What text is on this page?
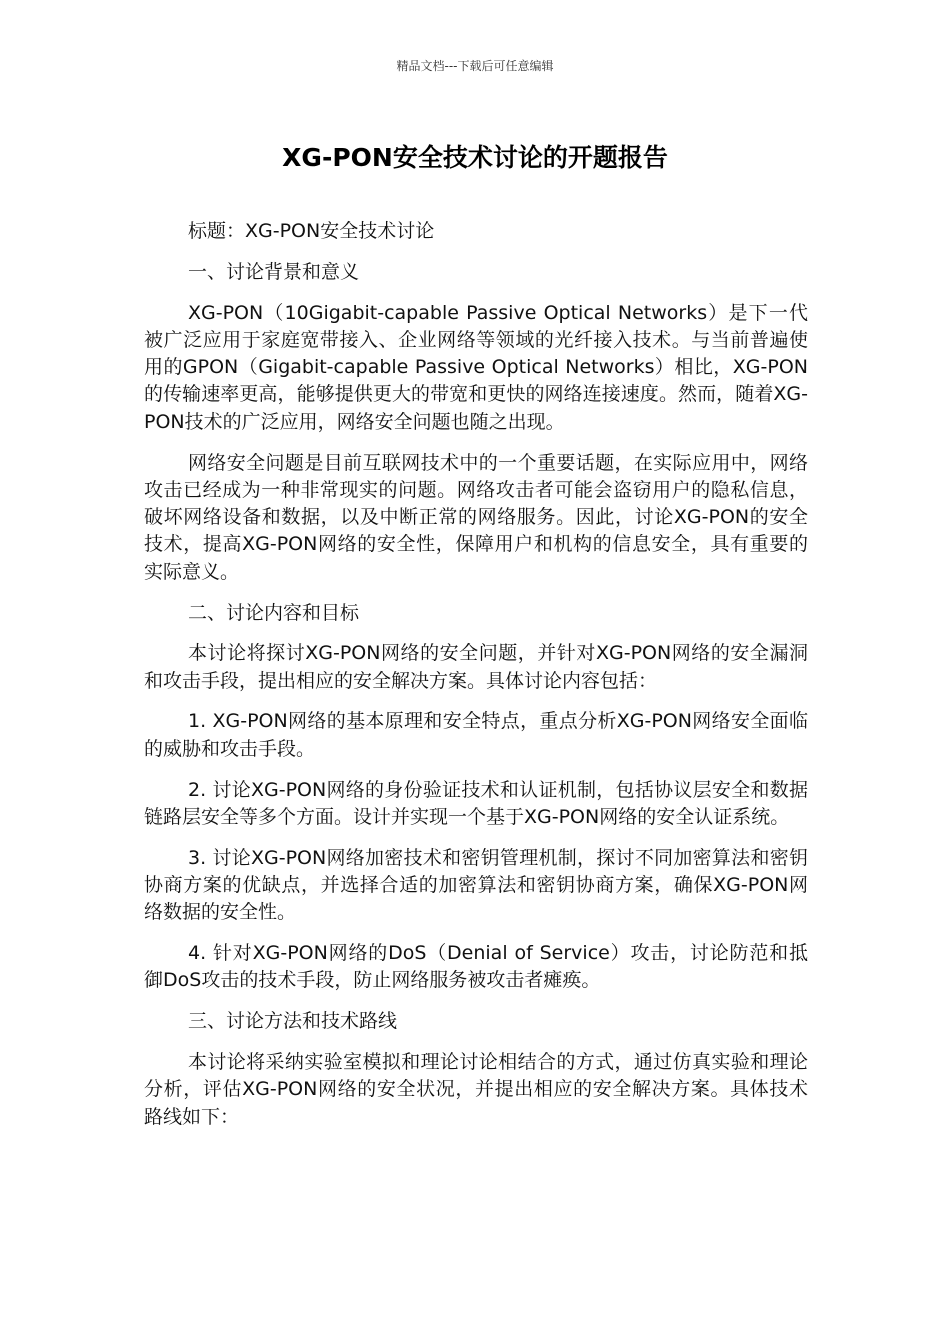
精品文档---下载后可任意编辑
XG-PON安全技术讨论的开题报告

标题：XG-PON安全技术讨论

一、讨论背景和意义

XG-PON（10Gigabit-capable Passive Optical Networks）是下一代被广泛应用于家庭宽带接入、企业网络等领域的光纤接入技术。与当前普遍使用的GPON（Gigabit-capable Passive Optical Networks）相比，XG-PON的传输速率更高，能够提供更大的带宽和更快的网络连接速度。然而，随着XG-PON技术的广泛应用，网络安全问题也随之出现。

网络安全问题是目前互联网技术中的一个重要话题，在实际应用中，网络攻击已经成为一种非常现实的问题。网络攻击者可能会盗窃用户的隐私信息，破坏网络设备和数据，以及中断正常的网络服务。因此，讨论XG-PON的安全技术，提高XG-PON网络的安全性，保障用户和机构的信息安全，具有重要的实际意义。

二、讨论内容和目标

本讨论将探讨XG-PON网络的安全问题，并针对XG-PON网络的安全漏洞和攻击手段，提出相应的安全解决方案。具体讨论内容包括：

1. XG-PON网络的基本原理和安全特点，重点分析XG-PON网络安全面临的威胁和攻击手段。

2. 讨论XG-PON网络的身份验证技术和认证机制，包括协议层安全和数据链路层安全等多个方面。设计并实现一个基于XG-PON网络的安全认证系统。

3. 讨论XG-PON网络加密技术和密钥管理机制，探讨不同加密算法和密钥协商方案的优缺点，并选择合适的加密算法和密钥协商方案，确保XG-PON网络数据的安全性。

4. 针对XG-PON网络的DoS（Denial of Service）攻击，讨论防范和抵御DoS攻击的技术手段，防止网络服务被攻击者瘫痪。

三、讨论方法和技术路线

本讨论将采纳实验室模拟和理论讨论相结合的方式，通过仿真实验和理论分析，评估XG-PON网络的安全状况，并提出相应的安全解决方案。具体技术路线如下：
